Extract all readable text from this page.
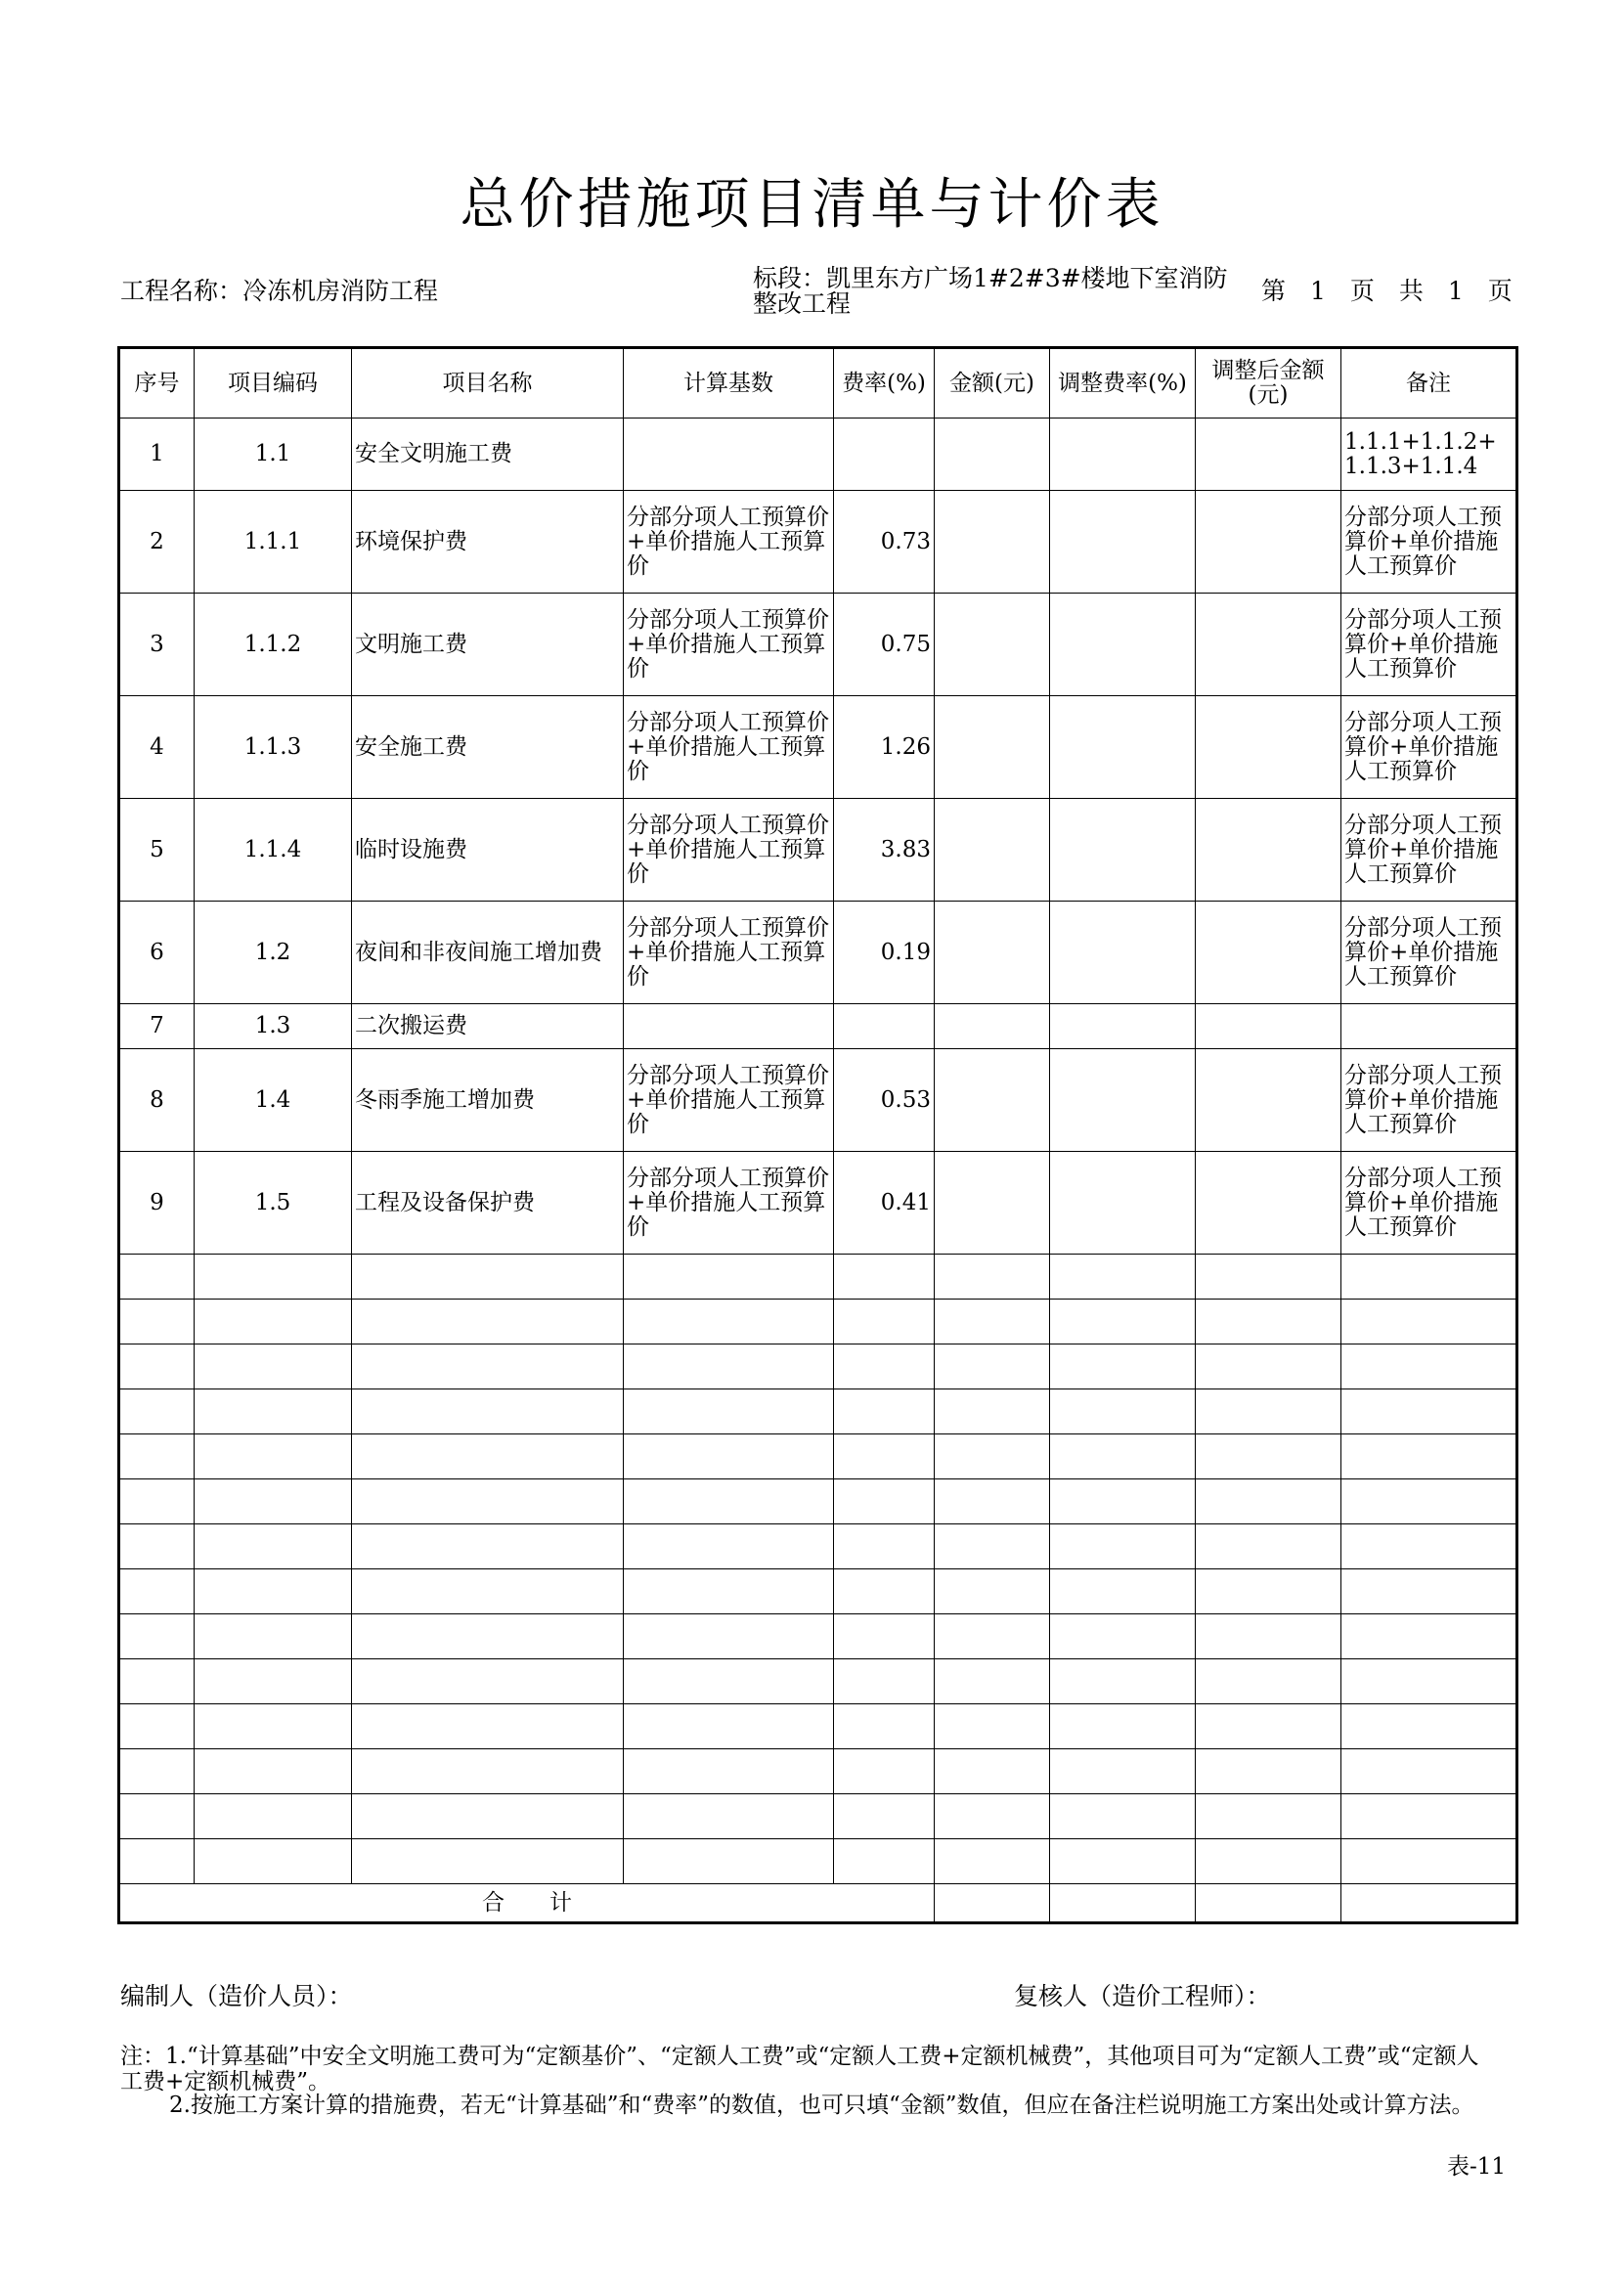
总价措施项目清单与计价表
工程名称：冷冻机房消防工程	标段：凯里东方广场1#2#3#楼地下室消防整改工程	第　1　页　共　1　页
序号	项目编码	项目名称	计算基数	费率(%)	金额(元)	调整费率(%)	调整后金额(元)	备注
1	1.1	安全文明施工费						1.1.1+1.1.2+1.1.3+1.1.4
2	1.1.1	环境保护费	分部分项人工预算价+单价措施人工预算价	0.73				分部分项人工预算价+单价措施人工预算价
3	1.1.2	文明施工费	分部分项人工预算价+单价措施人工预算价	0.75				分部分项人工预算价+单价措施人工预算价
4	1.1.3	安全施工费	分部分项人工预算价+单价措施人工预算价	1.26				分部分项人工预算价+单价措施人工预算价
5	1.1.4	临时设施费	分部分项人工预算价+单价措施人工预算价	3.83				分部分项人工预算价+单价措施人工预算价
6	1.2	夜间和非夜间施工增加费	分部分项人工预算价+单价措施人工预算价	0.19				分部分项人工预算价+单价措施人工预算价
7	1.3	二次搬运费						
8	1.4	冬雨季施工增加费	分部分项人工预算价+单价措施人工预算价	0.53				分部分项人工预算价+单价措施人工预算价
9	1.5	工程及设备保护费	分部分项人工预算价+单价措施人工预算价	0.41				分部分项人工预算价+单价措施人工预算价

合　　计								
编制人（造价人员）：	复核人（造价工程师）：
注：1.“计算基础”中安全文明施工费可为“定额基价”、“定额人工费”或“定额人工费+定额机械费”，其他项目可为“定额人工费”或“定额人工费+定额机械费”。
2.按施工方案计算的措施费，若无“计算基础”和“费率”的数值，也可只填“金额”数值，但应在备注栏说明施工方案出处或计算方法。
表-11
